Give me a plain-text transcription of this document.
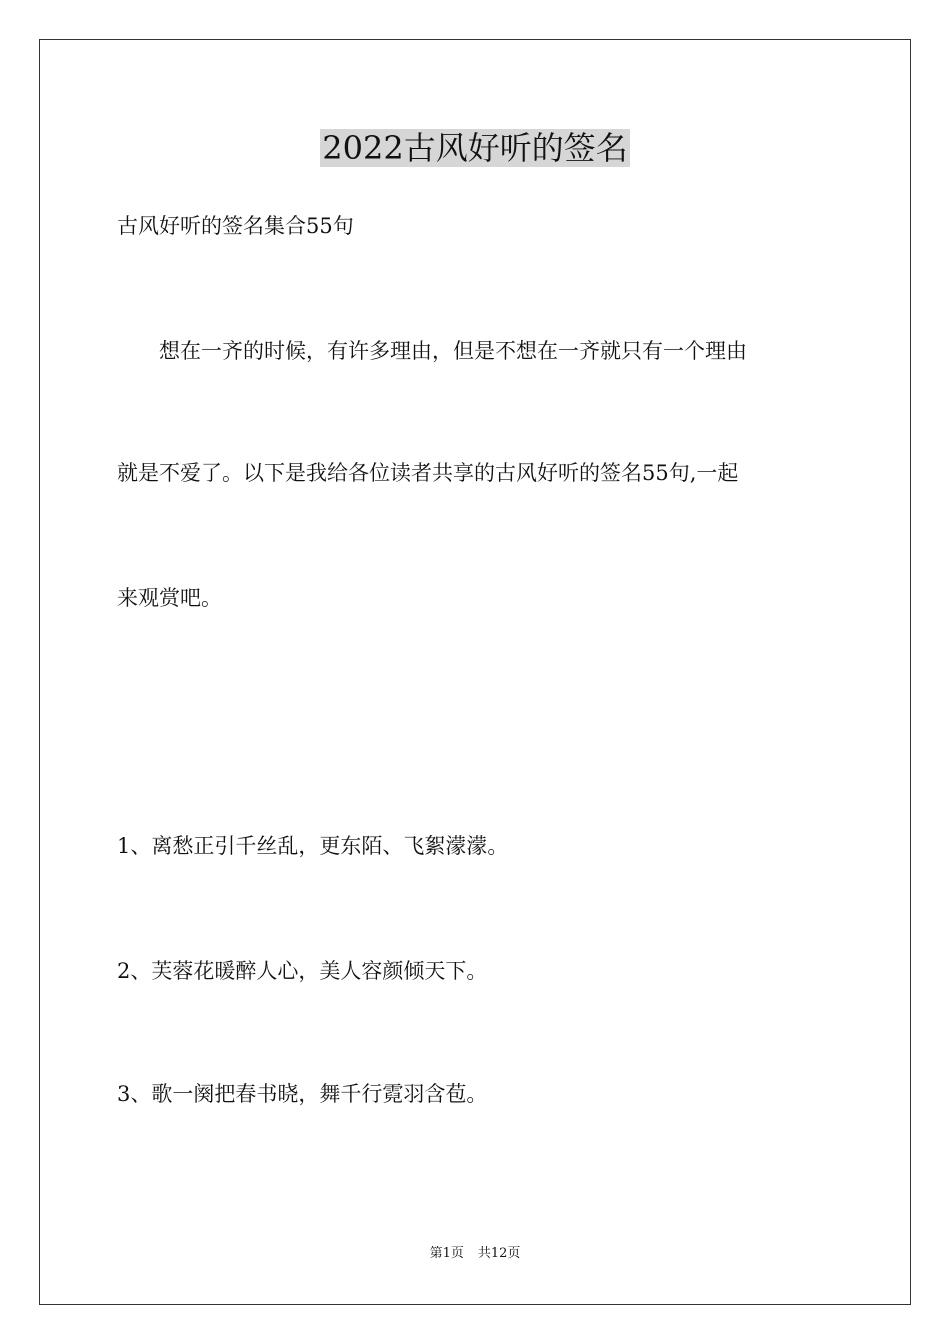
2022古风好听的签名

古风好听的签名集合55句

　　想在一齐的时候，有许多理由，但是不想在一齐就只有一个理由

就是不爱了。以下是我给各位读者共享的古风好听的签名55句,一起

来观赏吧。

1、离愁正引千丝乱，更东陌、飞絮濛濛。

2、芙蓉花暖醉人心，美人容颜倾天下。

3、歌一阕把春书晓，舞千行霓羽含苞。

第1页 共12页
